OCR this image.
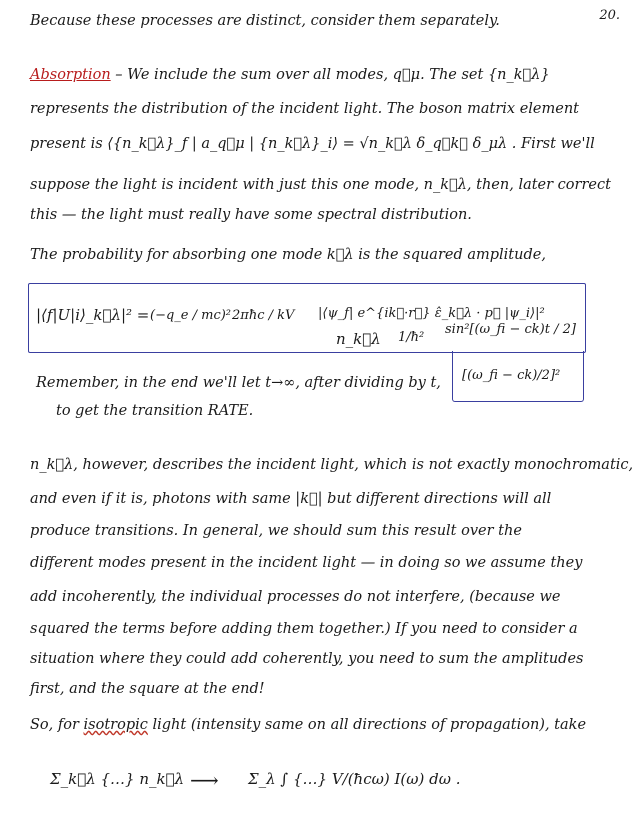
20.
Because these processes are distinct, consider them separately.
Absorption – We include the sum over all modes, q⃗μ. The set {n_k⃗λ}
represents the distribution of the incident light. The boson matrix element
present is ⟨{n_k⃗λ}_f | a_q⃗μ | {n_k⃗λ}_i⟩ = √n_k⃗λ δ_q⃗k⃗ δ_μλ . First we'll
suppose the light is incident with just this one mode, n_k⃗λ, then, later correct
this — the light must really have some spectral distribution.
The probability for absorbing one mode k⃗λ is the squared amplitude,
|⟨f|U|i⟩_k⃗λ|² = (−q_e / mc)² 2πħc / kV |⟨ψ_f| e^{ik⃗·r⃗} ε̂_k⃗λ · p⃗ |ψ_i⟩|²
n_k⃗λ 1/ħ²
sin²[(ω_fi − ck)t / 2]
[(ω_fi − ck)/2]²
Remember, in the end we'll let t→∞, after dividing by t,
to get the transition RATE.
n_k⃗λ, however, describes the incident light, which is not exactly monochromatic,
and even if it is, photons with same |k⃗| but different directions will all
produce transitions. In general, we should sum this result over the
different modes present in the incident light — in doing so we assume they
add incoherently, the individual processes do not interfere, (because we
squared the terms before adding them together.) If you need to consider a
situation where they could add coherently, you need to sum the amplitudes
first, and the square at the end!
So, for isotropic light (intensity same on all directions of propagation), take
Σ_k⃗λ {…} n_k⃗λ ⟶ Σ_λ ∫ {…} V/(ħcω) I(ω) dω .
